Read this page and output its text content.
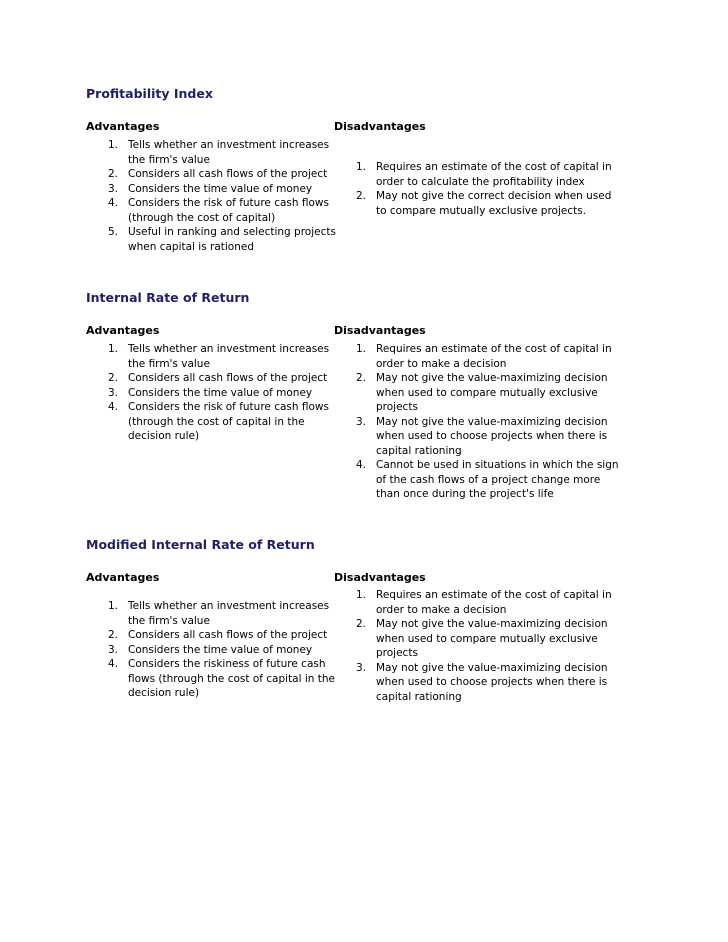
Profitability Index
Advantages
1. Tells whether an investment increases the firm's value
2. Considers all cash flows of the project
3. Considers the time value of money
4. Considers the risk of future cash flows (through the cost of capital)
5. Useful in ranking and selecting projects when capital is rationed
Disadvantages
1. Requires an estimate of the cost of capital in order to calculate the profitability index
2. May not give the correct decision when used to compare mutually exclusive projects.
Internal Rate of Return
Advantages
1. Tells whether an investment increases the firm's value
2. Considers all cash flows of the project
3. Considers the time value of money
4. Considers the risk of future cash flows (through the cost of capital in the decision rule)
Disadvantages
1. Requires an estimate of the cost of capital in order to make a decision
2. May not give the value-maximizing decision when used to compare mutually exclusive projects
3. May not give the value-maximizing decision when used to choose projects when there is capital rationing
4. Cannot be used in situations in which the sign of the cash flows of a project change more than once during the project's life
Modified Internal Rate of Return
Advantages
1. Tells whether an investment increases the firm's value
2. Considers all cash flows of the project
3. Considers the time value of money
4. Considers the riskiness of future cash flows (through the cost of capital in the decision rule)
Disadvantages
1. Requires an estimate of the cost of capital in order to make a decision
2. May not give the value-maximizing decision when used to compare mutually exclusive projects
3. May not give the value-maximizing decision when used to choose projects when there is capital rationing
